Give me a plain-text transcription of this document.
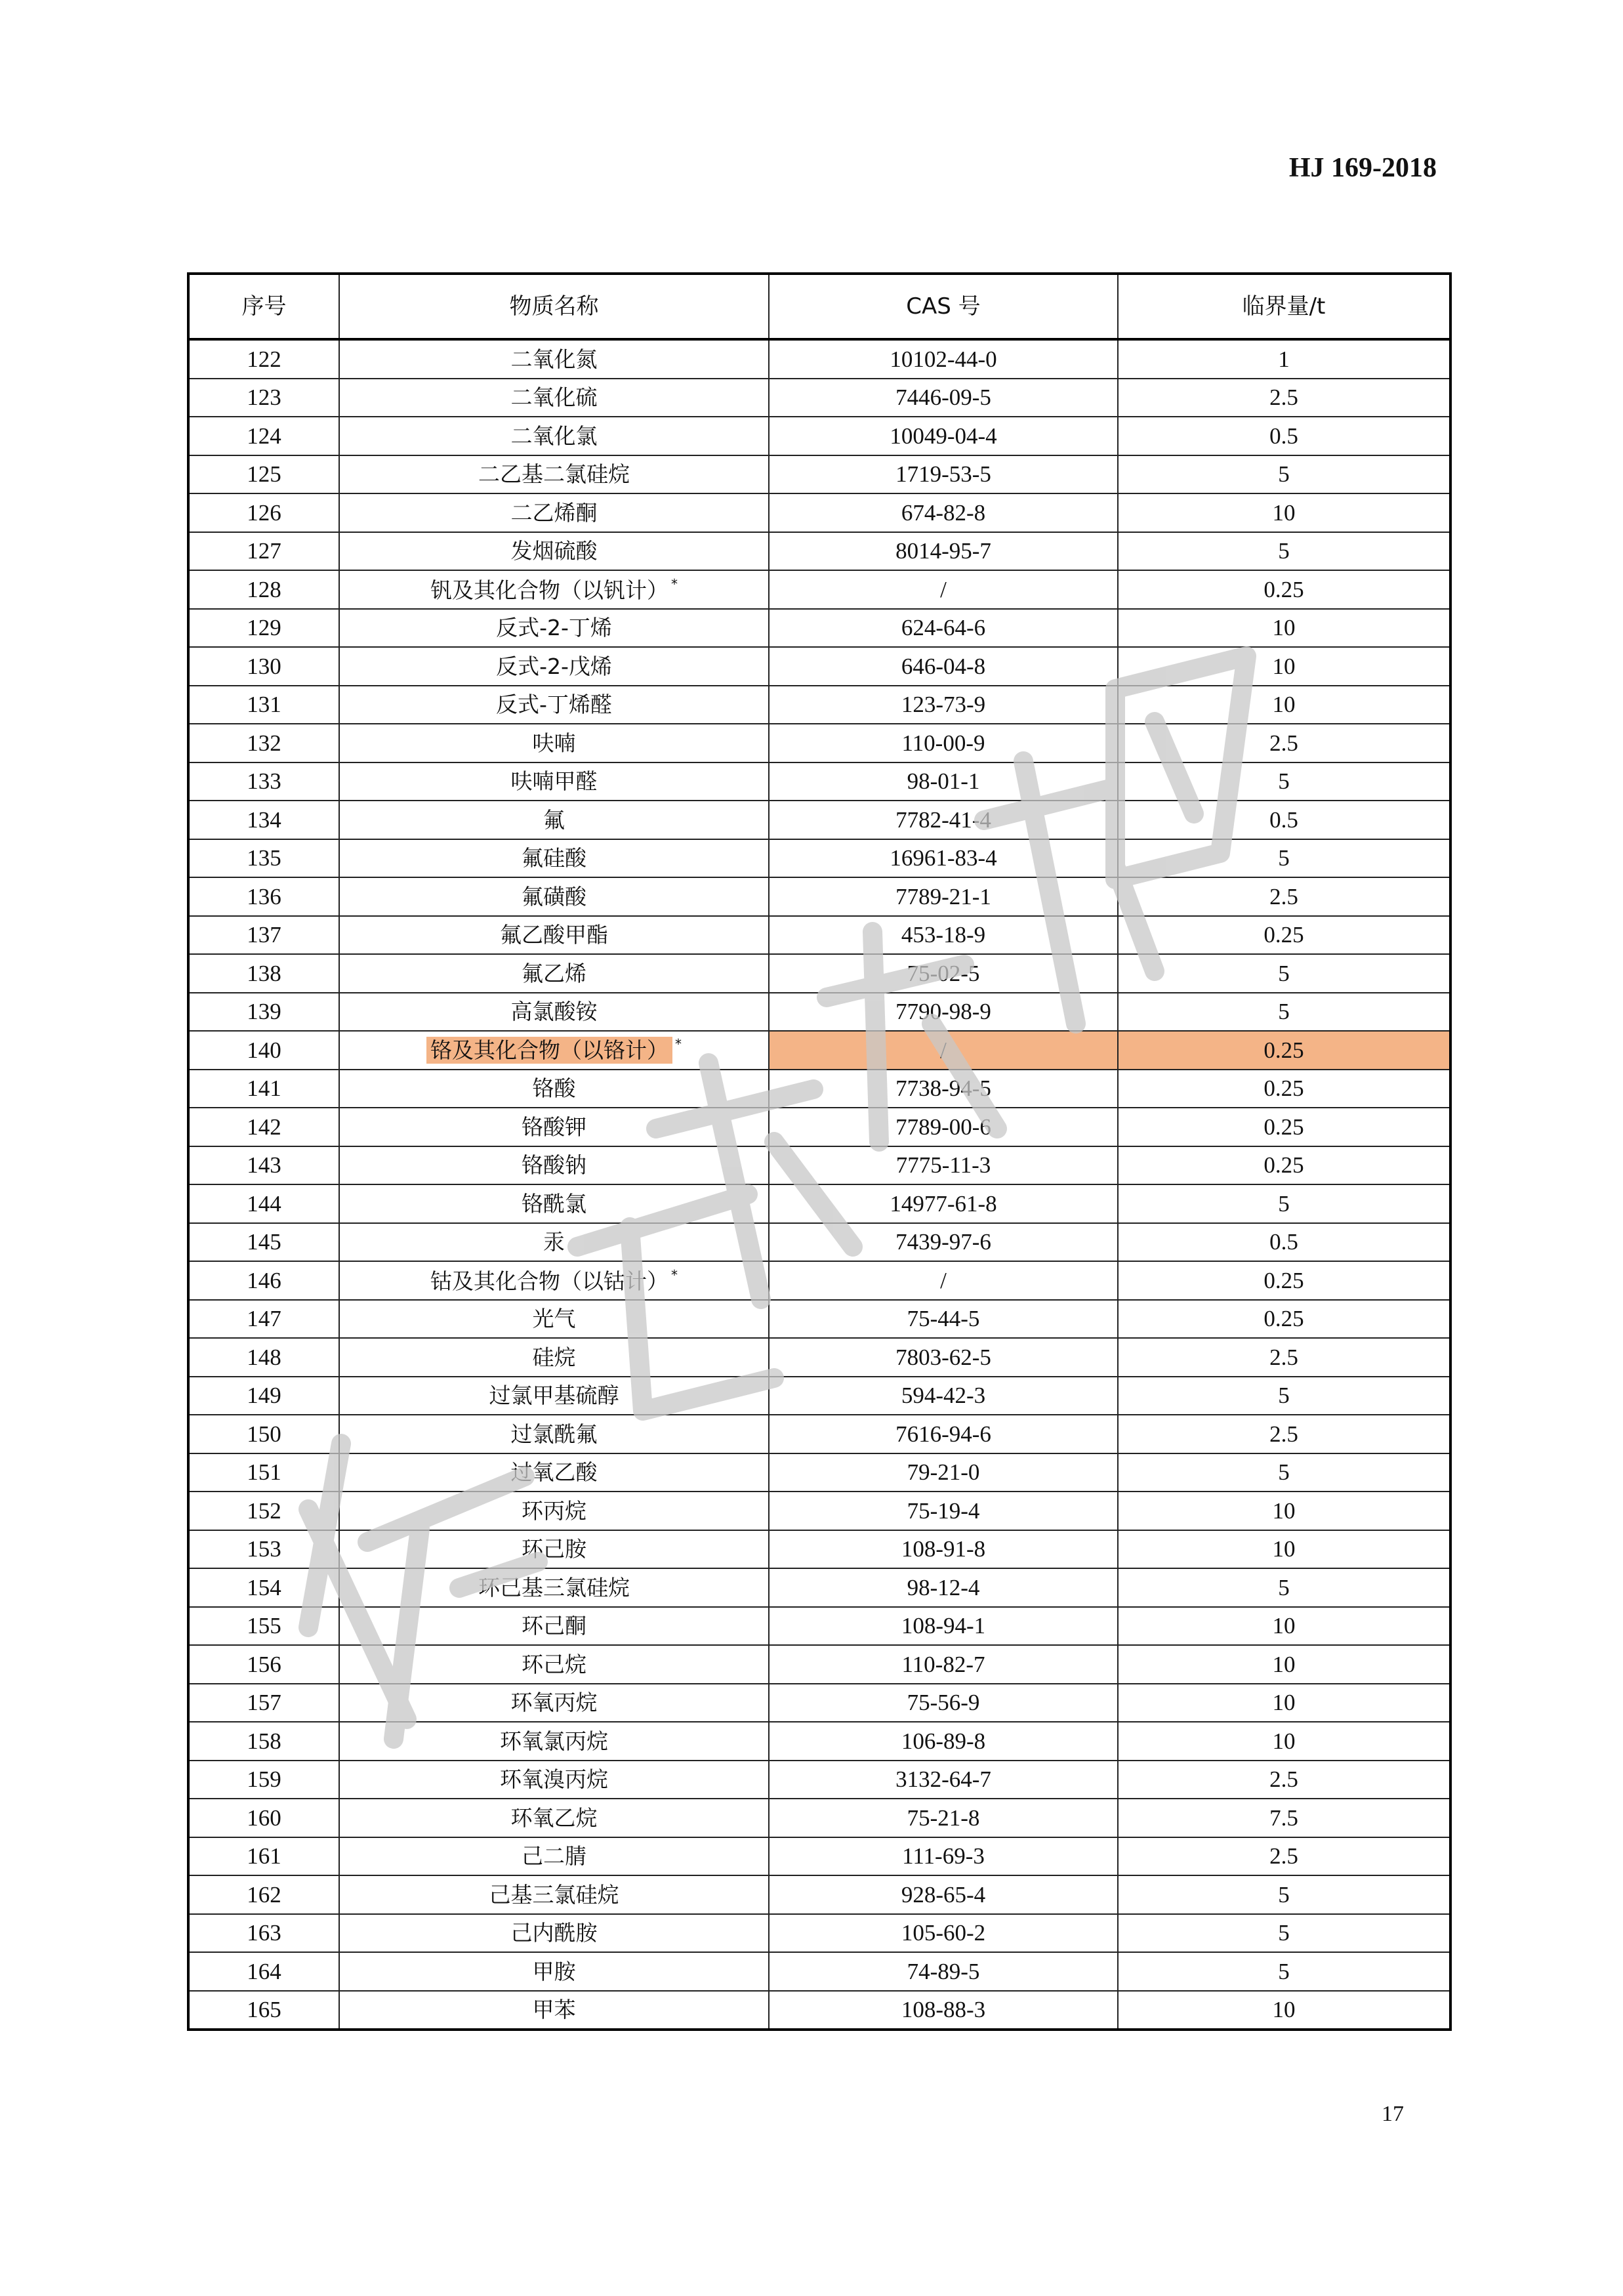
HJ 169-2018
序号	物质名称	CAS 号	临界量/t
122	二氧化氮	10102-44-0	1
123	二氧化硫	7446-09-5	2.5
124	二氧化氯	10049-04-4	0.5
125	二乙基二氯硅烷	1719-53-5	5
126	二乙烯酮	674-82-8	10
127	发烟硫酸	8014-95-7	5
128	钒及其化合物（以钒计） *	/	0.25
129	反式-2-丁烯	624-64-6	10
130	反式-2-戊烯	646-04-8	10
131	反式-丁烯醛	123-73-9	10
132	呋喃	110-00-9	2.5
133	呋喃甲醛	98-01-1	5
134	氟	7782-41-4	0.5
135	氟硅酸	16961-83-4	5
136	氟磺酸	7789-21-1	2.5
137	氟乙酸甲酯	453-18-9	0.25
138	氟乙烯	75-02-5	5
139	高氯酸铵	7790-98-9	5
140	铬及其化合物（以铬计） *	/	0.25
141	铬酸	7738-94-5	0.25
142	铬酸钾	7789-00-6	0.25
143	铬酸钠	7775-11-3	0.25
144	铬酰氯	14977-61-8	5
145	汞	7439-97-6	0.5
146	钴及其化合物（以钴计） *	/	0.25
147	光气	75-44-5	0.25
148	硅烷	7803-62-5	2.5
149	过氯甲基硫醇	594-42-3	5
150	过氯酰氟	7616-94-6	2.5
151	过氧乙酸	79-21-0	5
152	环丙烷	75-19-4	10
153	环己胺	108-91-8	10
154	环己基三氯硅烷	98-12-4	5
155	环己酮	108-94-1	10
156	环己烷	110-82-7	10
157	环氧丙烷	75-56-9	10
158	环氧氯丙烷	106-89-8	10
159	环氧溴丙烷	3132-64-7	2.5
160	环氧乙烷	75-21-8	7.5
161	己二腈	111-69-3	2.5
162	己基三氯硅烷	928-65-4	5
163	己内酰胺	105-60-2	5
164	甲胺	74-89-5	5
165	甲苯	108-88-3	10
17
